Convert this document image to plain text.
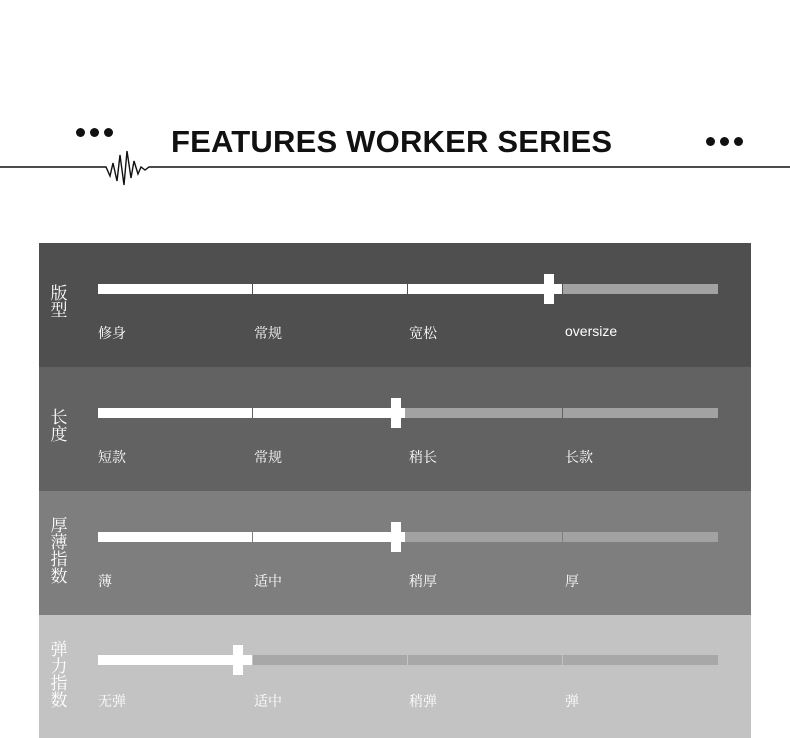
FEATURES WORKER SERIES
版型
修身	常规	宽松	oversize
长度
短款	常规	稍长	长款
厚薄指数 薄	适中	稍厚	厚
弹力指数 无弹	适中	稍弹	弹
